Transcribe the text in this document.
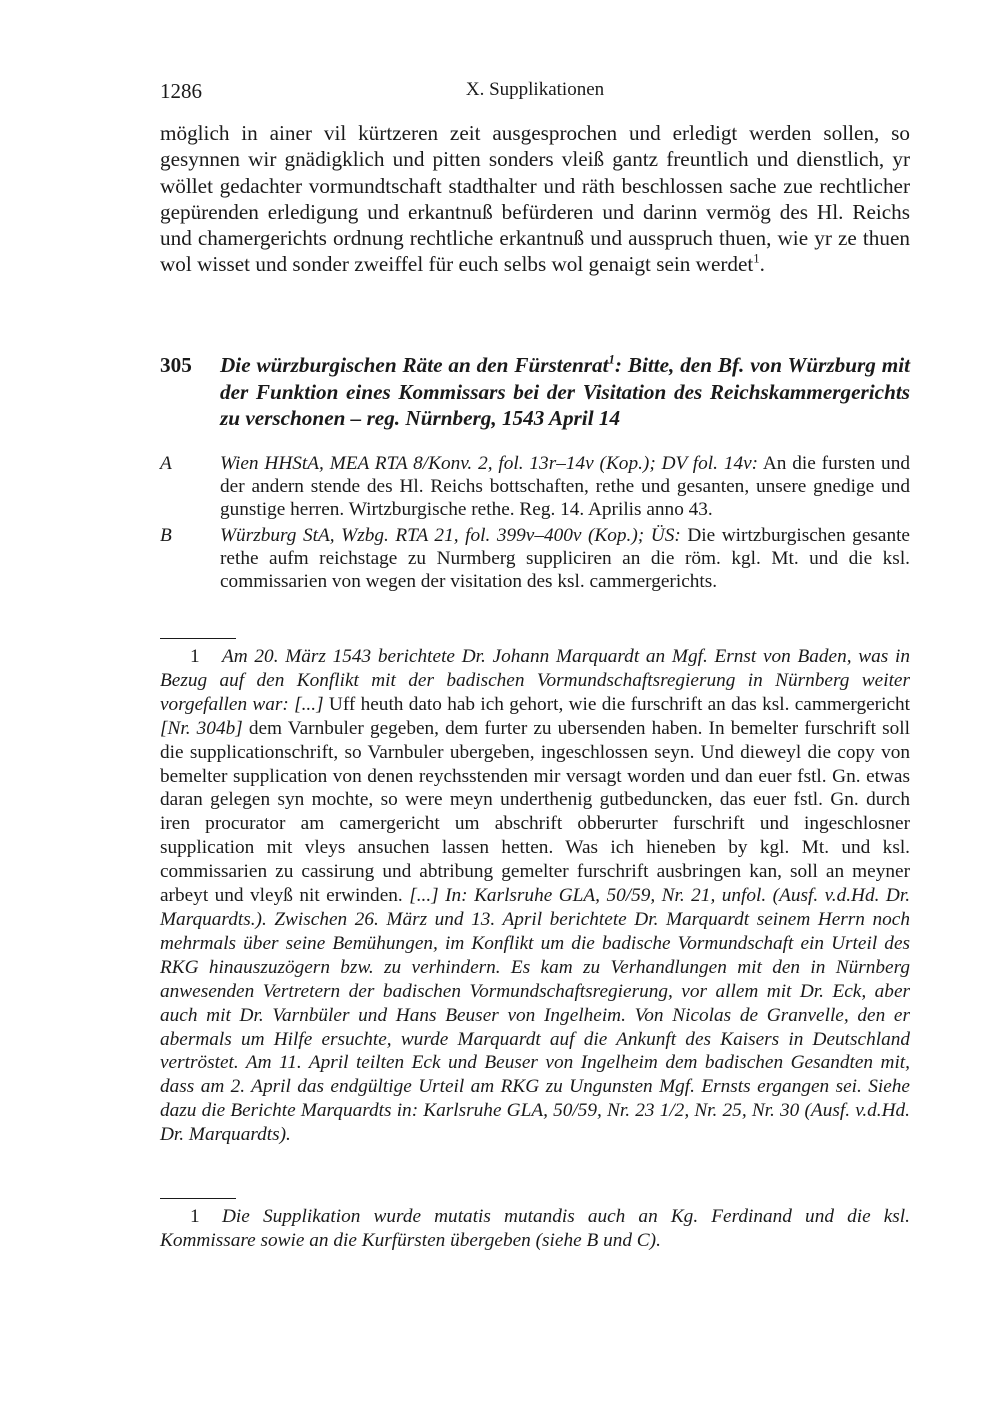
1286	X. Supplikationen
möglich in ainer vil kürtzeren zeit ausgesprochen und erledigt werden sollen, so gesynnen wir gnädigklich und pitten sonders vleiß gantz freuntlich und dienstlich, yr wöllet gedachter vormundtschaft stadthalter und räth beschlossen sache zue rechtlicher gepürenden erledigung und erkantnuß befürderen und darinn vermög des Hl. Reichs und chamergerichts ordnung rechtliche erkantnuß und ausspruch thuen, wie yr ze thuen wol wisset und sonder zweiffel für euch selbs wol genaigt sein werdet$^1$.
305 Die würzburgischen Räte an den Fürstenrat$^1$: Bitte, den Bf. von Würzburg mit der Funktion eines Kommissars bei der Visitation des Reichskammergerichts zu verschonen – reg. Nürnberg, 1543 April 14
A Wien HHStA, MEA RTA 8/Konv. 2, fol. 13r–14v (Kop.); DV fol. 14v: An die fursten und der andern stende des Hl. Reichs bottschaften, rethe und gesanten, unsere gnedige und gunstige herren. Wirtzburgische rethe. Reg. 14. Aprilis anno 43.
B Würzburg StA, Wzbg. RTA 21, fol. 399v–400v (Kop.); ÜS: Die wirtzburgischen gesante rethe aufm reichstage zu Nurmberg suppliciren an die röm. kgl. Mt. und die ksl. commissarien von wegen der visitation des ksl. cammergerichts.
1 Am 20. März 1543 berichtete Dr. Johann Marquardt an Mgf. Ernst von Baden, was in Bezug auf den Konflikt mit der badischen Vormundschaftsregierung in Nürnberg weiter vorgefallen war: [...] Uff heuth dato hab ich gehort, wie die furschrift an das ksl. cammergericht [Nr. 304b] dem Varnbuler gegeben, dem furter zu ubersenden haben. In bemelter furschrift soll die supplicationschrift, so Varnbuler ubergeben, ingeschlossen seyn. Und dieweyl die copy von bemelter supplication von denen reychsstenden mir versagt worden und dan euer fstl. Gn. etwas daran gelegen syn mochte, so were meyn underthenig gutbeduncken, das euer fstl. Gn. durch iren procurator am camergericht um abschrift obberurter furschrift und ingeschlosner supplication mit vleys ansuchen lassen hetten. Was ich hieneben by kgl. Mt. und ksl. commissarien zu cassirung und abtribung gemelter furschrift ausbringen kan, soll an meyner arbeyt und vleyß nit erwinden. [...] In: Karlsruhe GLA, 50/59, Nr. 21, unfol. (Ausf. v.d.Hd. Dr. Marquardts.). Zwischen 26. März und 13. April berichtete Dr. Marquardt seinem Herrn noch mehrmals über seine Bemühungen, im Konflikt um die badische Vormundschaft ein Urteil des RKG hinauszuzögern bzw. zu verhindern. Es kam zu Verhandlungen mit den in Nürnberg anwesenden Vertretern der badischen Vormundschaftsregierung, vor allem mit Dr. Eck, aber auch mit Dr. Varnbüler und Hans Beuser von Ingelheim. Von Nicolas de Granvelle, den er abermals um Hilfe ersuchte, wurde Marquardt auf die Ankunft des Kaisers in Deutschland vertröstet. Am 11. April teilten Eck und Beuser von Ingelheim dem badischen Gesandten mit, dass am 2. April das endgültige Urteil am RKG zu Ungunsten Mgf. Ernsts ergangen sei. Siehe dazu die Berichte Marquardts in: Karlsruhe GLA, 50/59, Nr. 23 1/2, Nr. 25, Nr. 30 (Ausf. v.d.Hd. Dr. Marquardts).
1 Die Supplikation wurde mutatis mutandis auch an Kg. Ferdinand und die ksl. Kommissare sowie an die Kurfürsten übergeben (siehe B und C).
